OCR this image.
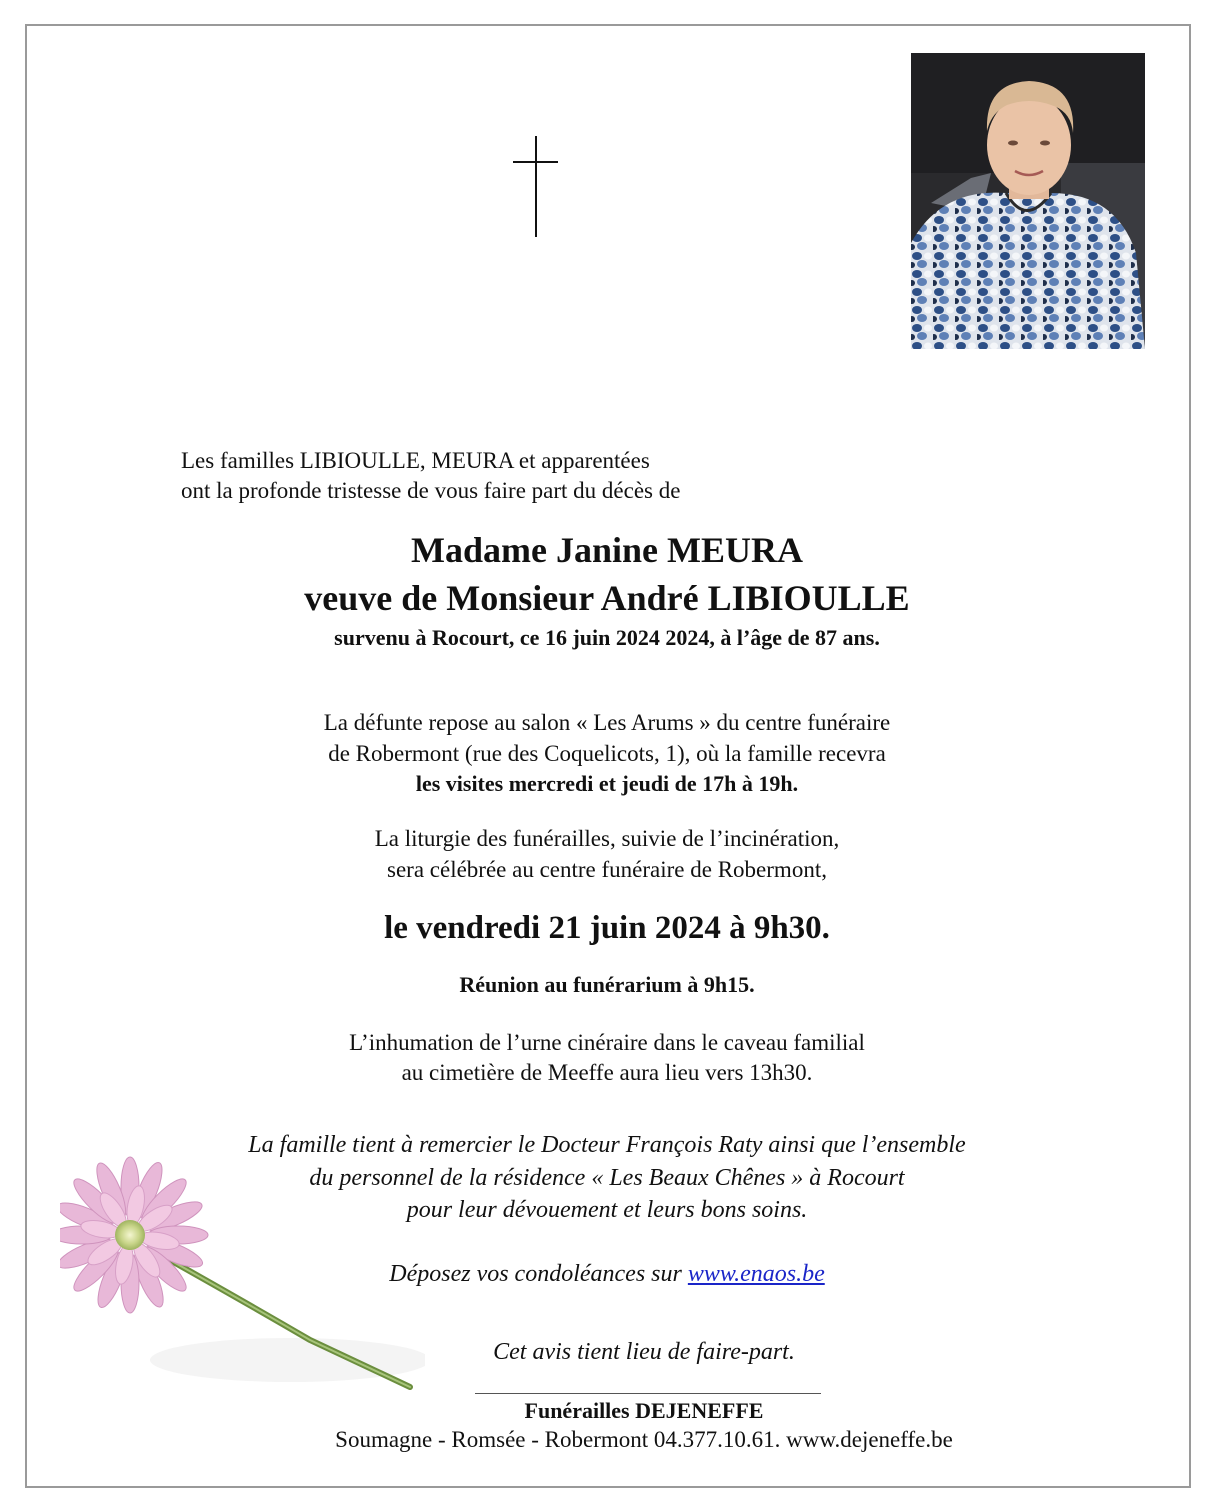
Les familles LIBIOULLE, MEURA et apparentées
ont la profonde tristesse de vous faire part du décès de
Madame Janine MEURA
veuve de Monsieur André LIBIOULLE
survenu à Rocourt, ce 16 juin 2024 2024, à l’âge de 87 ans.
La défunte repose au salon « Les Arums » du centre funéraire
de Robermont (rue des Coquelicots, 1), où la famille recevra
les visites mercredi et jeudi de 17h à 19h.
La liturgie des funérailles, suivie de l’incinération,
sera célébrée au centre funéraire de Robermont,
le vendredi 21 juin 2024 à 9h30.
Réunion au funérarium à 9h15.
L’inhumation de l’urne cinéraire dans le caveau familial
au cimetière de Meeffe aura lieu vers 13h30.
La famille tient à remercier le Docteur François Raty ainsi que l’ensemble
du personnel de la résidence « Les Beaux Chênes » à Rocourt
pour leur dévouement et leurs bons soins.
Déposez vos condoléances sur www.enaos.be
Cet avis tient lieu de faire-part.
Funérailles DEJENEFFE
Soumagne - Romsée - Robermont 04.377.10.61. www.dejeneffe.be
